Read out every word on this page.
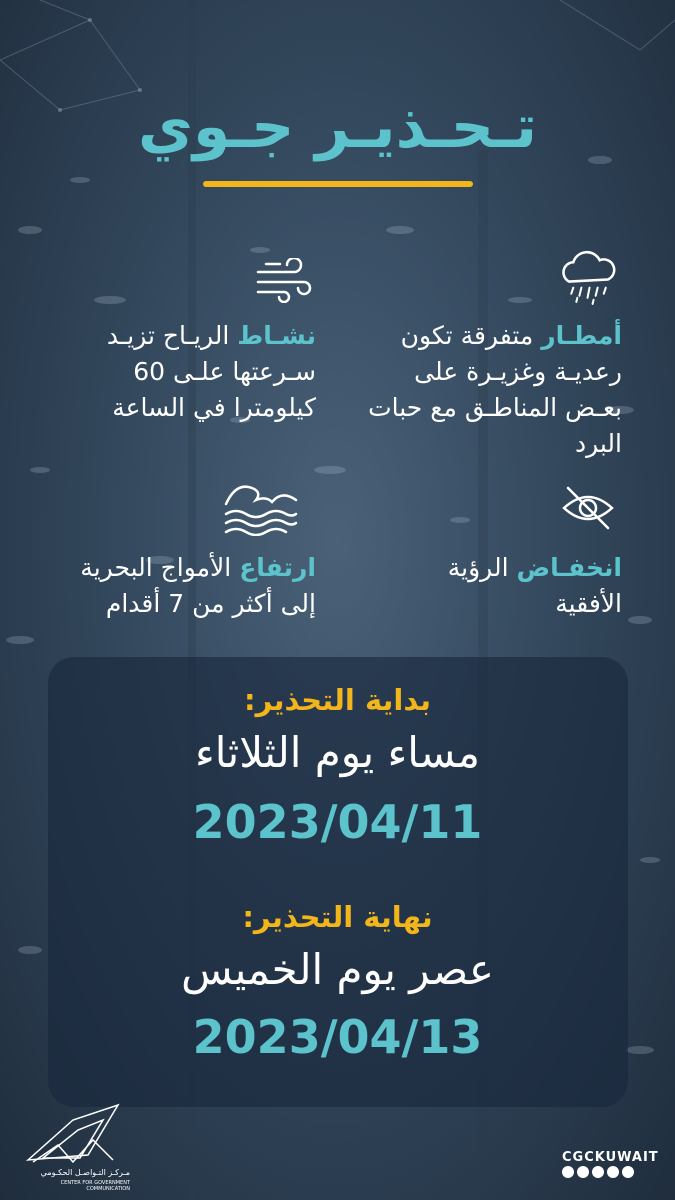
تـحـذيـر جـوي
أمطـار متفرقة تكون رعديـة وغزيـرة على بعـض المناطـق مع حبات البرد
نشـاط الريـاح تزيـد سـرعتها علـى 60 كيلومترا في الساعة
انخفـاض الرؤية الأفقية
ارتفاع الأمواج البحرية إلى أكثر من 7 أقدام
بداية التحذير:
مساء يوم الثلاثاء
2023/04/11
نهاية التحذير:
عصر يوم الخميس
2023/04/13
مـركـز التـواصـل الحكـومي
CENTER FOR GOVERNMENT COMMUNICATION
CGCKUWAIT
